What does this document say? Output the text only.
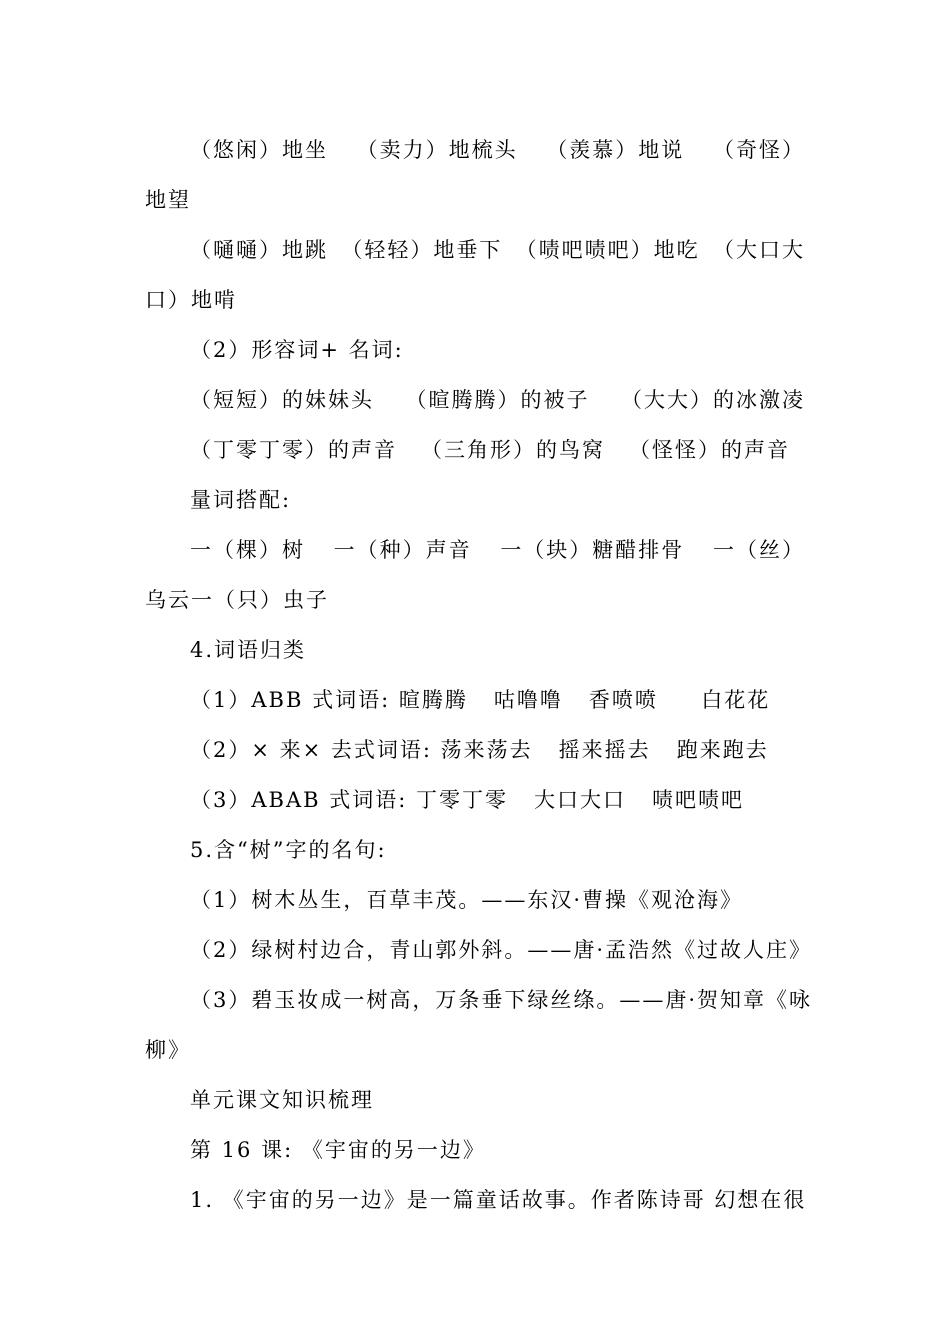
（悠闲）地坐 （卖力）地梳头 （羡慕）地说 （奇怪）
地望
（嗵嗵）地跳 （轻轻）地垂下 （啧吧啧吧）地吃 （大口大
口）地啃
（2）形容词+ 名词:
（短短）的妹妹头 （暄腾腾）的被子 （大大）的冰激凌
（丁零丁零）的声音 （三角形）的鸟窝 （怪怪）的声音
量词搭配:
一（棵）树 一（种）声音 一（块）糖醋排骨 一（丝）
乌云一（只）虫子
4.词语归类
（1）ABB 式词语: 暄腾腾   咕噜噜   香喷喷     白花花
（2）× 来× 去式词语: 荡来荡去   摇来摇去   跑来跑去
（3）ABAB 式词语: 丁零丁零   大口大口   啧吧啧吧
5.含“树”字的名句:
（1）树木丛生，百草丰茂。——东汉·曹操《观沧海》
（2）绿树村边合，青山郭外斜。——唐·孟浩然《过故人庄》
（3）碧玉妆成一树高，万条垂下绿丝绦。——唐·贺知章《咏
柳》
单元课文知识梳理
第 16 课: 《宇宙的另一边》
1. 《宇宙的另一边》是一篇童话故事。作者陈诗哥 幻想在很
